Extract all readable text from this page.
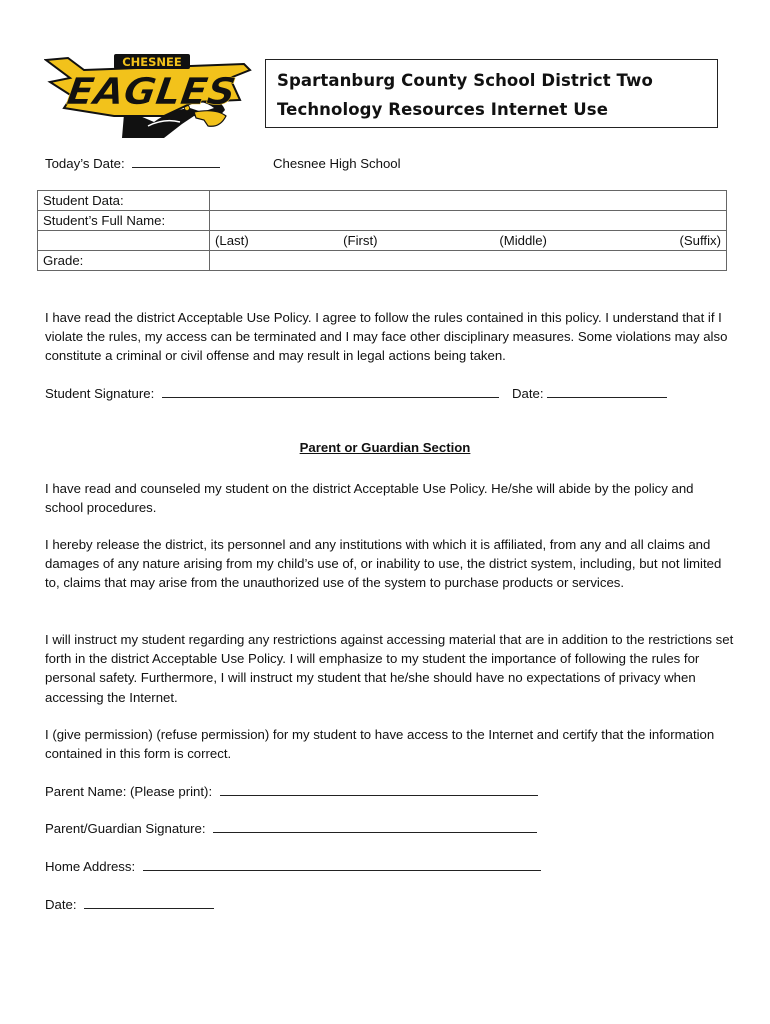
CHESNEE
EAGLES	Spartanburg County School District Two
Technology Resources Internet Use
Today’s Date:	Chesnee High School
Student Data:	
Student’s Full Name:	

	(Last) (First) (Middle) (Suffix)

Grade:	
I have read the district Acceptable Use Policy. I agree to follow the rules contained in this policy. I understand that if I violate the rules, my access can be terminated and I may face other disciplinary measures. Some violations may also constitute a criminal or civil offense and may result in legal actions being taken.
Student Signature:	Date:
Parent or Guardian Section
I have read and counseled my student on the district Acceptable Use Policy. He/she will abide by the policy and school procedures.
I hereby release the district, its personnel and any institutions with which it is affiliated, from any and all claims and damages of any nature arising from my child’s use of, or inability to use, the district system, including, but not limited to, claims that may arise from the unauthorized use of the system to purchase products or services.
I will instruct my student regarding any restrictions against accessing material that are in addition to the restrictions set forth in the district Acceptable Use Policy. I will emphasize to my student the importance of following the rules for personal safety. Furthermore, I will instruct my student that he/she should have no expectations of privacy when accessing the Internet.
I (give permission) (refuse permission) for my student to have access to the Internet and certify that the information contained in this form is correct.
Parent Name: (Please print):
Parent/Guardian Signature:
Home Address:
Date:
